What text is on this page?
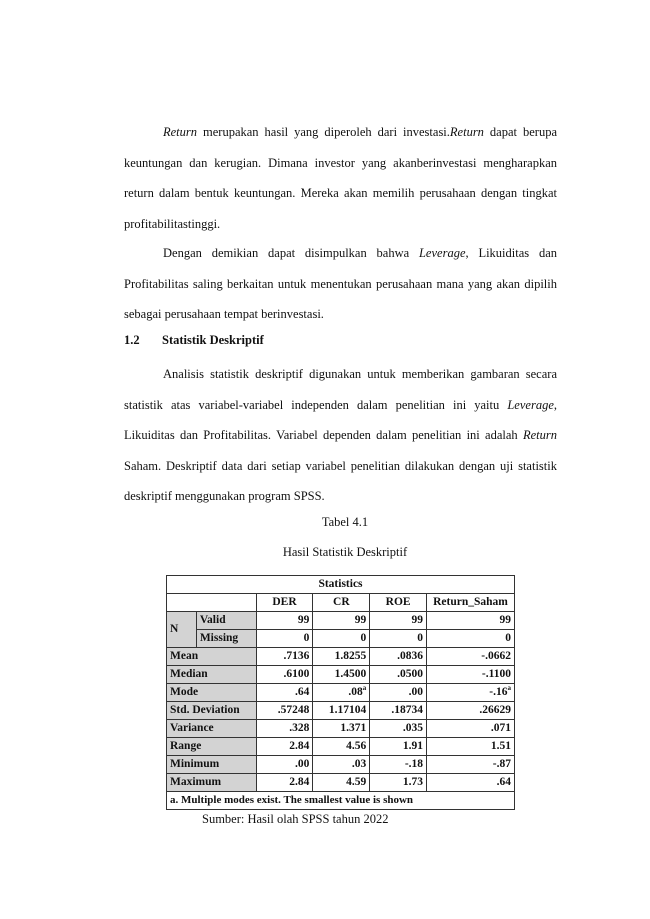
Return merupakan hasil yang diperoleh dari investasi.Return dapat berupa keuntungan dan kerugian. Dimana investor yang akanberinvestasi mengharapkan return dalam bentuk keuntungan. Mereka akan memilih perusahaan dengan tingkat profitabilitastinggi.

Dengan demikian dapat disimpulkan bahwa Leverage, Likuiditas dan Profitabilitas saling berkaitan untuk menentukan perusahaan mana yang akan dipilih sebagai perusahaan tempat berinvestasi.

1.2 Statistik Deskriptif

Analisis statistik deskriptif digunakan untuk memberikan gambaran secara statistik atas variabel-variabel independen dalam penelitian ini yaitu Leverage, Likuiditas dan Profitabilitas. Variabel dependen dalam penelitian ini adalah Return Saham. Deskriptif data dari setiap variabel penelitian dilakukan dengan uji statistik deskriptif menggunakan program SPSS.

Tabel 4.1
Hasil Statistik Deskriptif
Statistics					
		DER	CR	ROE	Return_Saham
N	Valid	99	99	99	99
	Missing	0	0	0	0
Mean		.7136	1.8255	.0836	-.0662
Median		.6100	1.4500	.0500	-.1100
Mode		.64	.08$^a$	.00	-.16$^a$
Std. Deviation		.57248	1.17104	.18734	.26629
Variance		.328	1.371	.035	.071
Range		2.84	4.56	1.91	1.51
Minimum		.00	.03	-.18	-.87
Maximum		2.84	4.59	1.73	.64
a. Multiple modes exist. The smallest value is shown					
Sumber: Hasil olah SPSS tahun 2022
